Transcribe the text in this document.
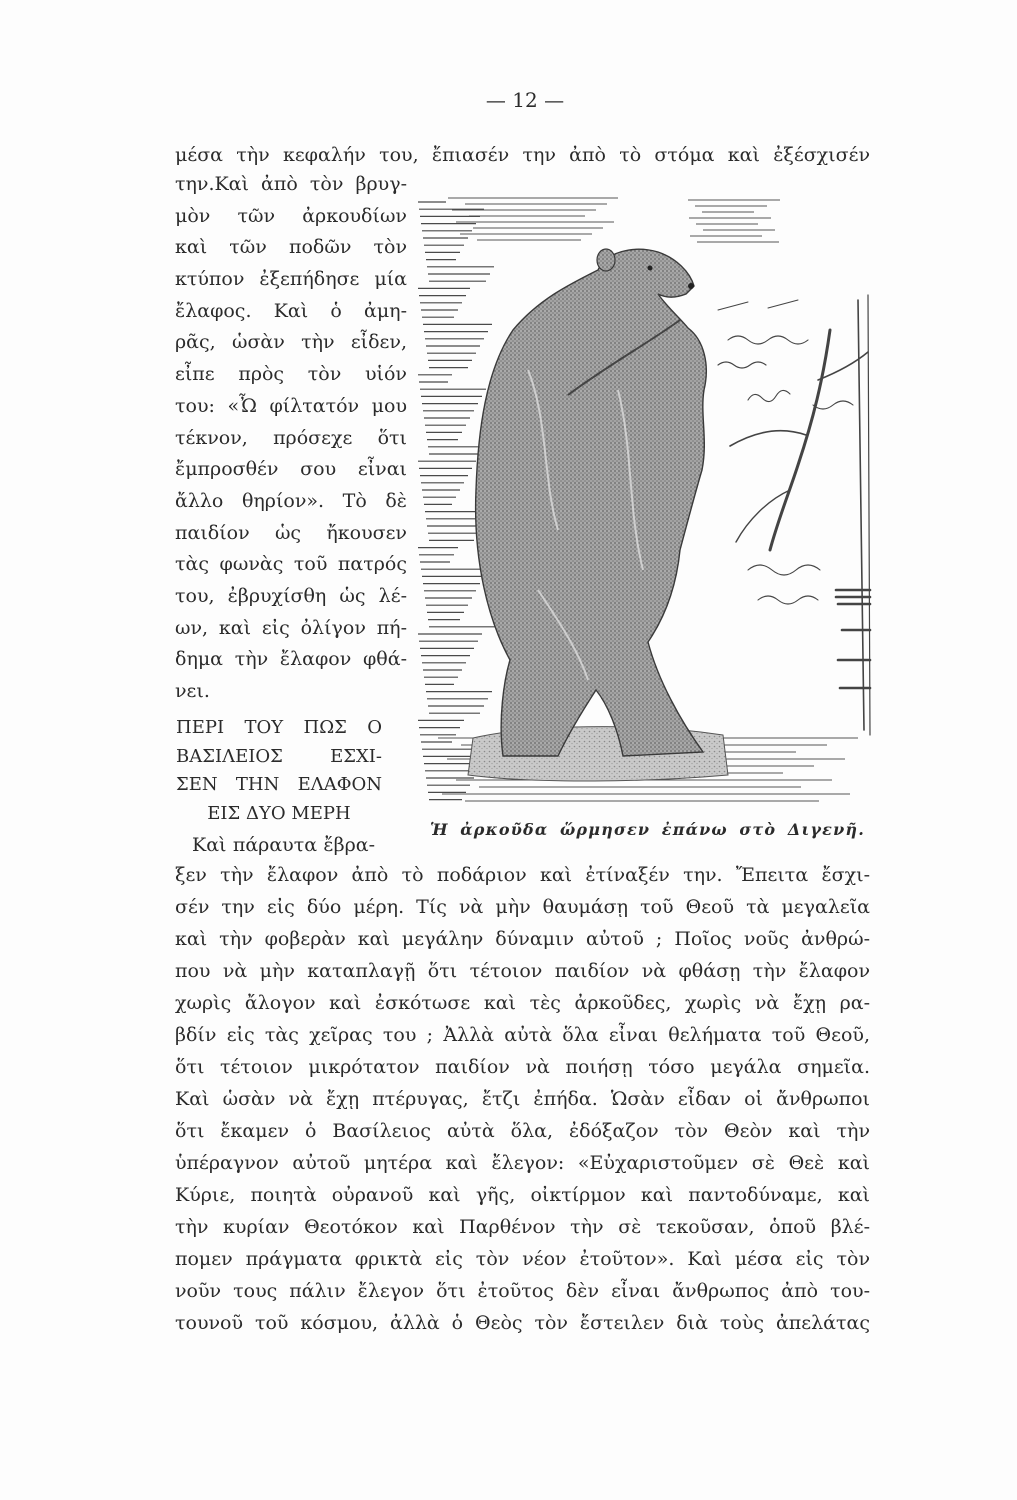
— 12 —
μέσα τὴν κεφαλήν του, ἔπιασέν την ἀπὸ τὸ στόμα καὶ ἐξέσχισέν
την.Καὶ ἀπὸ τὸν βρυγ-
μὸν τῶν ἀρκουδίων
καὶ τῶν ποδῶν τὸν
κτύπον ἐξεπήδησε μία
ἔλαφος. Καὶ ὁ ἀμη-
ρᾶς, ὡσὰν τὴν εἶδεν,
εἶπε πρὸς τὸν υἱόν
του: «Ὦ φίλτατόν μου
τέκνον, πρόσεχε ὅτι
ἔμπροσθέν σου εἶναι
ἄλλο θηρίον». Τὸ δὲ
παιδίον ὡς ἤκουσεν
τὰς φωνὰς τοῦ πατρός
του, ἐβρυχίσθη ὡς λέ-
ων, καὶ εἰς ὀλίγον πή-
δημα τὴν ἔλαφον φθά-
νει.
ΠΕΡΙ ΤΟΥ ΠΩΣ Ο
ΒΑΣΙΛΕΙΟΣ ΕΣΧΙ-
ΣΕΝ ΤΗΝ ΕΛΑΦΟΝ
ΕΙΣ ΔΥΟ ΜΕΡΗ
Καὶ πάραυτα ἔβρα-
Ἡ ἀρκοῦδα ὥρμησεν ἐπάνω στὸ Διγενῆ.
ξεν τὴν ἔλαφον ἀπὸ τὸ ποδάριον καὶ ἐτίναξέν την. Ἔπειτα ἔσχι-
σέν την εἰς δύο μέρη. Τίς νὰ μὴν θαυμάσῃ τοῦ Θεοῦ τὰ μεγαλεῖα
καὶ τὴν φοβερὰν καὶ μεγάλην δύναμιν αὐτοῦ ; Ποῖος νοῦς ἀνθρώ-
που νὰ μὴν καταπλαγῇ ὅτι τέτοιον παιδίον νὰ φθάσῃ τὴν ἔλαφον
χωρὶς ἄλογον καὶ ἐσκότωσε καὶ τὲς ἀρκοῦδες, χωρὶς νὰ ἔχῃ ρα-
βδίν εἰς τὰς χεῖρας του ; Ἀλλὰ αὐτὰ ὅλα εἶναι θελήματα τοῦ Θεοῦ,
ὅτι τέτοιον μικρότατον παιδίον νὰ ποιήσῃ τόσο μεγάλα σημεῖα.
Καὶ ὡσὰν νὰ ἔχῃ πτέρυγας, ἔτζι ἐπήδα. Ὡσὰν εἶδαν οἱ ἄνθρωποι
ὅτι ἔκαμεν ὁ Βασίλειος αὐτὰ ὅλα, ἐδόξαζον τὸν Θεὸν καὶ τὴν
ὑπέραγνον αὐτοῦ μητέρα καὶ ἔλεγον: «Εὐχαριστοῦμεν σὲ Θεὲ καὶ
Κύριε, ποιητὰ οὐρανοῦ καὶ γῆς, οἰκτίρμον καὶ παντοδύναμε, καὶ
τὴν κυρίαν Θεοτόκον καὶ Παρθένον τὴν σὲ τεκοῦσαν, ὁποῦ βλέ-
πομεν πράγματα φρικτὰ εἰς τὸν νέον ἐτοῦτον». Καὶ μέσα εἰς τὸν
νοῦν τους πάλιν ἔλεγον ὅτι ἐτοῦτος δὲν εἶναι ἄνθρωπος ἀπὸ του-
τουνοῦ τοῦ κόσμου, ἀλλὰ ὁ Θεὸς τὸν ἔστειλεν διὰ τοὺς ἀπελάτας
